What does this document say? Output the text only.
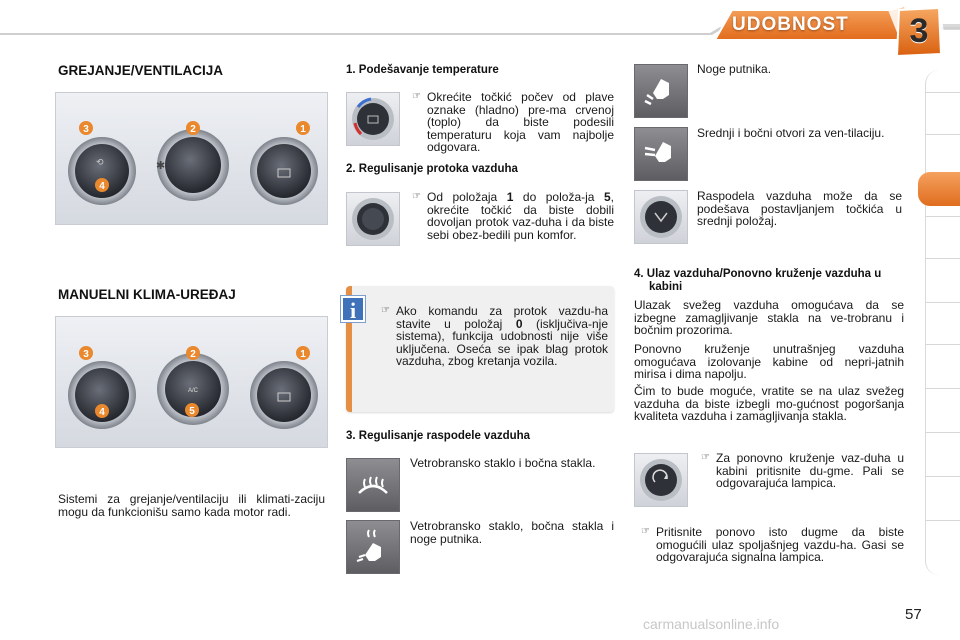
UDOBNOST	3
GREJANJE/VENTILACIJA
⟲	✱
3	2	1
4
MANUELNI KLIMA-UREĐAJ
A/C
3	2	1
4	5
Sistemi za grejanje/ventilaciju ili klimati-zaciju mogu da funkcionišu samo kada motor radi.
1. Podešavanje temperature
☞ Okrećite točkić počev od plave oznake (hladno) pre-ma crvenoj (toplo) da biste podesili temperaturu koja vam najbolje odgovara.
2. Regulisanje protoka vazduha
☞ Od položaja 1 do položa-ja 5, okrećite točkić da biste dobili dovoljan protok vaz-duha i da biste sebi obez-bedili pun komfor.
i	☞ Ako komandu za protok vazdu-ha stavite u položaj 0 (isključiva-nje sistema), funkcija udobnosti nije više uključena. Oseća se ipak blag protok vazduha, zbog kretanja vozila.
3. Regulisanje raspodele vazduha
Vetrobransko staklo i bočna stakla.
Vetrobransko staklo, bočna stakla i noge putnika.
Noge putnika.
Srednji i bočni otvori za ven-tilaciju.
Raspodela vazduha može da se podešava postavljanjem točkića u srednji položaj.
4. Ulaz vazduha/Ponovno kruženje vazduha u kabini
Ulazak svežeg vazduha omogućava da se izbegne zamagljivanje stakla na ve-trobranu i bočnim prozorima.
Ponovno kruženje unutrašnjeg vazduha omogućava izolovanje kabine od nepri-jatnih mirisa i dima napolju.
Čim to bude moguće, vratite se na ulaz svežeg vazduha da biste izbegli mo-gućnost pogoršanja kvaliteta vazduha i zamagljivanja stakla.
☞ Za ponovno kruženje vaz-duha u kabini pritisnite du-gme. Pali se odgovarajuća lampica.
☞ Pritisnite ponovo isto dugme da biste omogućili ulaz spoljašnjeg vazdu-ha. Gasi se odgovarajuća signalna lampica.
57
carmanualsonline.info
